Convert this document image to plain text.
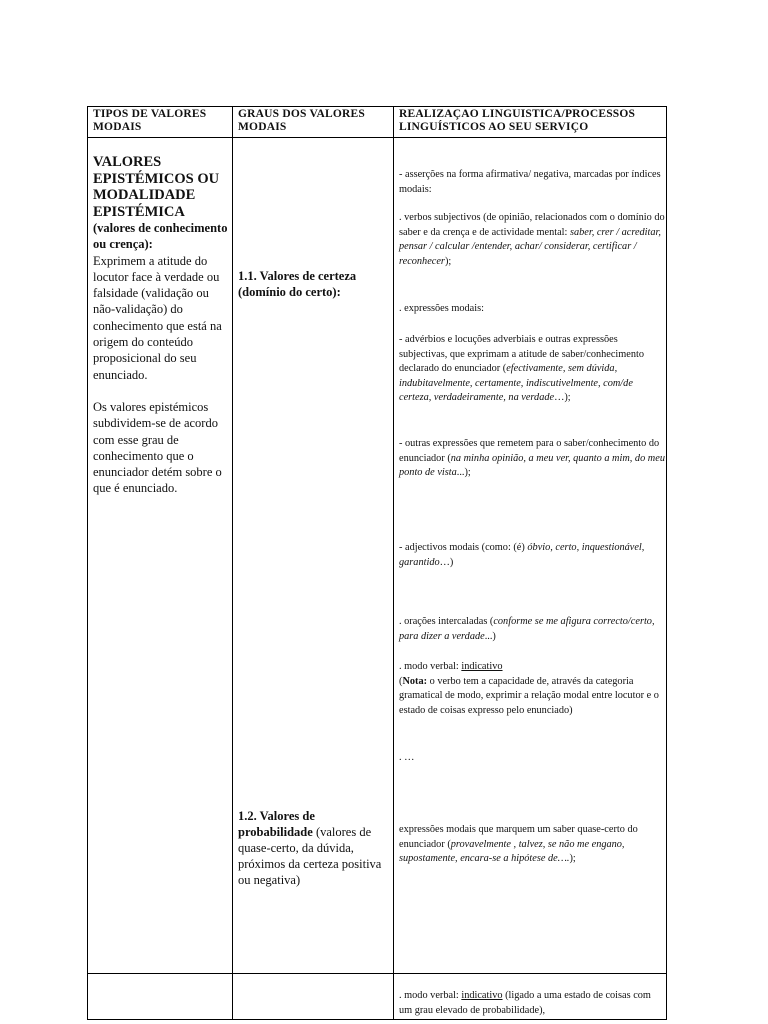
TIPOS DE VALORES MODAIS
GRAUS DOS VALORES MODAIS
REALIZAÇAO LINGUISTICA/PROCESSOS LINGUÍSTICOS AO SEU SERVIÇO
VALORES EPISTÉMICOS OU MODALIDADE EPISTÉMICA
(valores de conhecimento ou crença):
Exprimem a atitude do locutor face à verdade ou falsidade (validação ou não-validação) do conhecimento que está na origem do conteúdo proposicional do seu enunciado.
Os valores epistémicos subdividem-se de acordo com esse grau de conhecimento que o enunciador detém sobre o que é enunciado.
1.1. Valores de certeza (domínio do certo):
1.2. Valores de probabilidade (valores de quase-certo, da dúvida, próximos da certeza positiva ou negativa)
- asserções na forma afirmativa/ negativa, marcadas por índices modais:
. verbos subjectivos (de opinião, relacionados com o domínio do saber e da crença e de actividade mental: saber, crer / acreditar, pensar / calcular /entender, achar/ considerar, certificar / reconhecer);
. expressões modais:
- advérbios e locuções adverbiais e outras expressões subjectivas, que exprimam a atitude de saber/conhecimento declarado do enunciador (efectivamente, sem dúvida, indubitavelmente, certamente, indiscutivelmente, com/de certeza, verdadeiramente, na verdade…);
- outras expressões que remetem para o saber/conhecimento do enunciador (na minha opinião, a meu ver, quanto a mim, do meu ponto de vista...);
- adjectivos modais (como: (é) óbvio, certo, inquestionável,
garantido…)
. orações intercaladas (conforme se me afigura correcto/certo, para dizer a verdade...)
. modo verbal: indicativo
(Nota: o verbo tem a capacidade de, através da categoria gramatical de modo, exprimir a relação modal entre locutor e o estado de coisas expresso pelo enunciado)
. …
expressões modais que marquem um saber quase-certo do enunciador (provavelmente , talvez, se não me engano, supostamente, encara-se a hipótese de….);
. modo verbal: indicativo (ligado a uma estado de coisas com um grau elevado de probabilidade),
